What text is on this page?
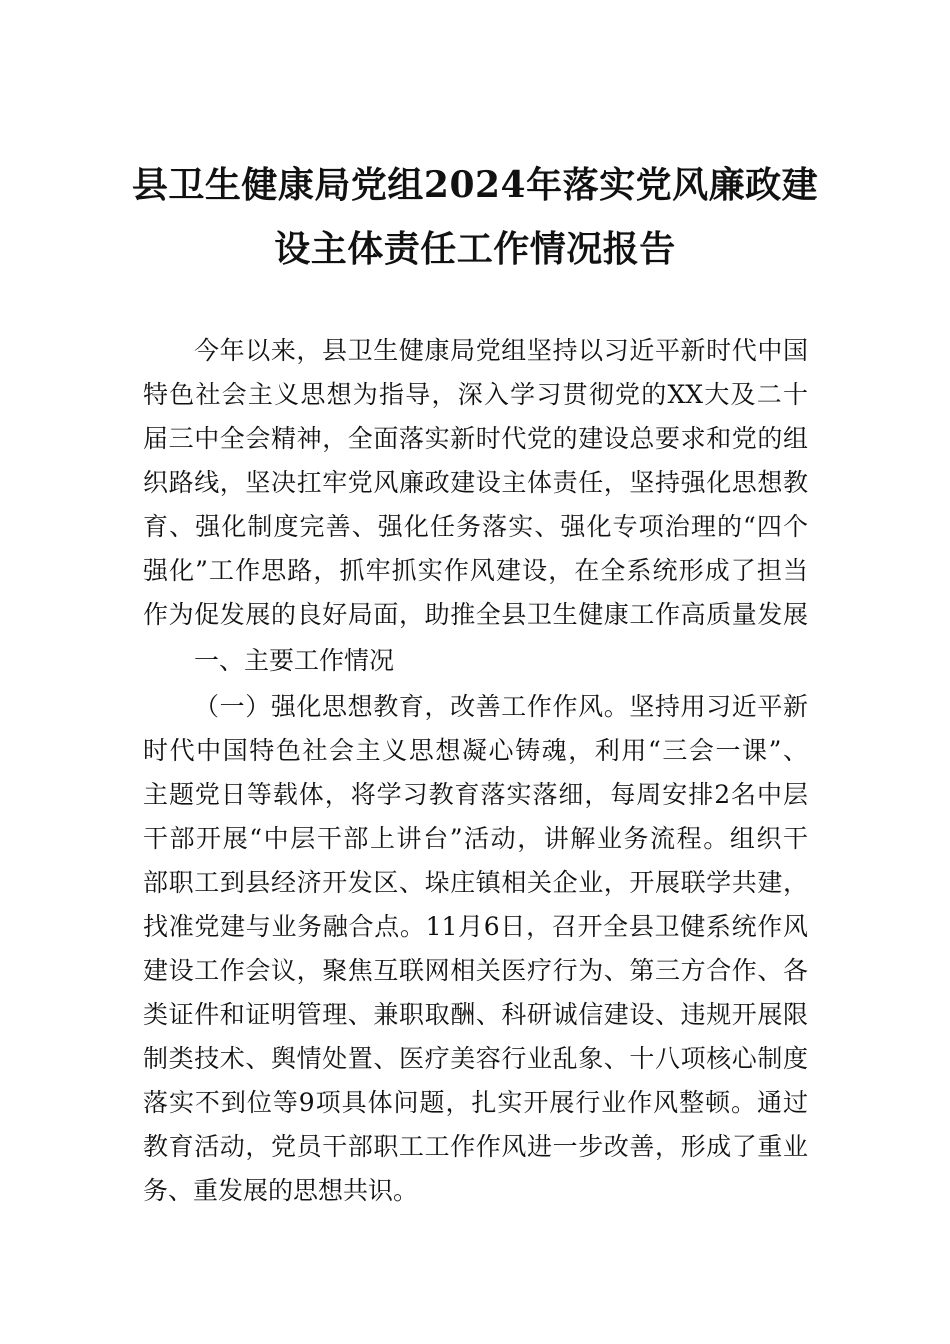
县卫生健康局党组2024年落实党风廉政建
设主体责任工作情况报告
今年以来，县卫生健康局党组坚持以习近平新时代中国
特色社会主义思想为指导，深入学习贯彻党的XX大及二十
届三中全会精神，全面落实新时代党的建设总要求和党的组
织路线，坚决扛牢党风廉政建设主体责任，坚持强化思想教
育、强化制度完善、强化任务落实、强化专项治理的“四个
强化”工作思路，抓牢抓实作风建设，在全系统形成了担当
作为促发展的良好局面，助推全县卫生健康工作高质量发展
一、主要工作情况
（一）强化思想教育，改善工作作风。坚持用习近平新
时代中国特色社会主义思想凝心铸魂，利用“三会一课”、
主题党日等载体，将学习教育落实落细，每周安排2名中层
干部开展“中层干部上讲台”活动，讲解业务流程。组织干
部职工到县经济开发区、垛庄镇相关企业，开展联学共建，
找准党建与业务融合点。11月6日，召开全县卫健系统作风
建设工作会议，聚焦互联网相关医疗行为、第三方合作、各
类证件和证明管理、兼职取酬、科研诚信建设、违规开展限
制类技术、舆情处置、医疗美容行业乱象、十八项核心制度
落实不到位等9项具体问题，扎实开展行业作风整顿。通过
教育活动，党员干部职工工作作风进一步改善，形成了重业
务、重发展的思想共识。
